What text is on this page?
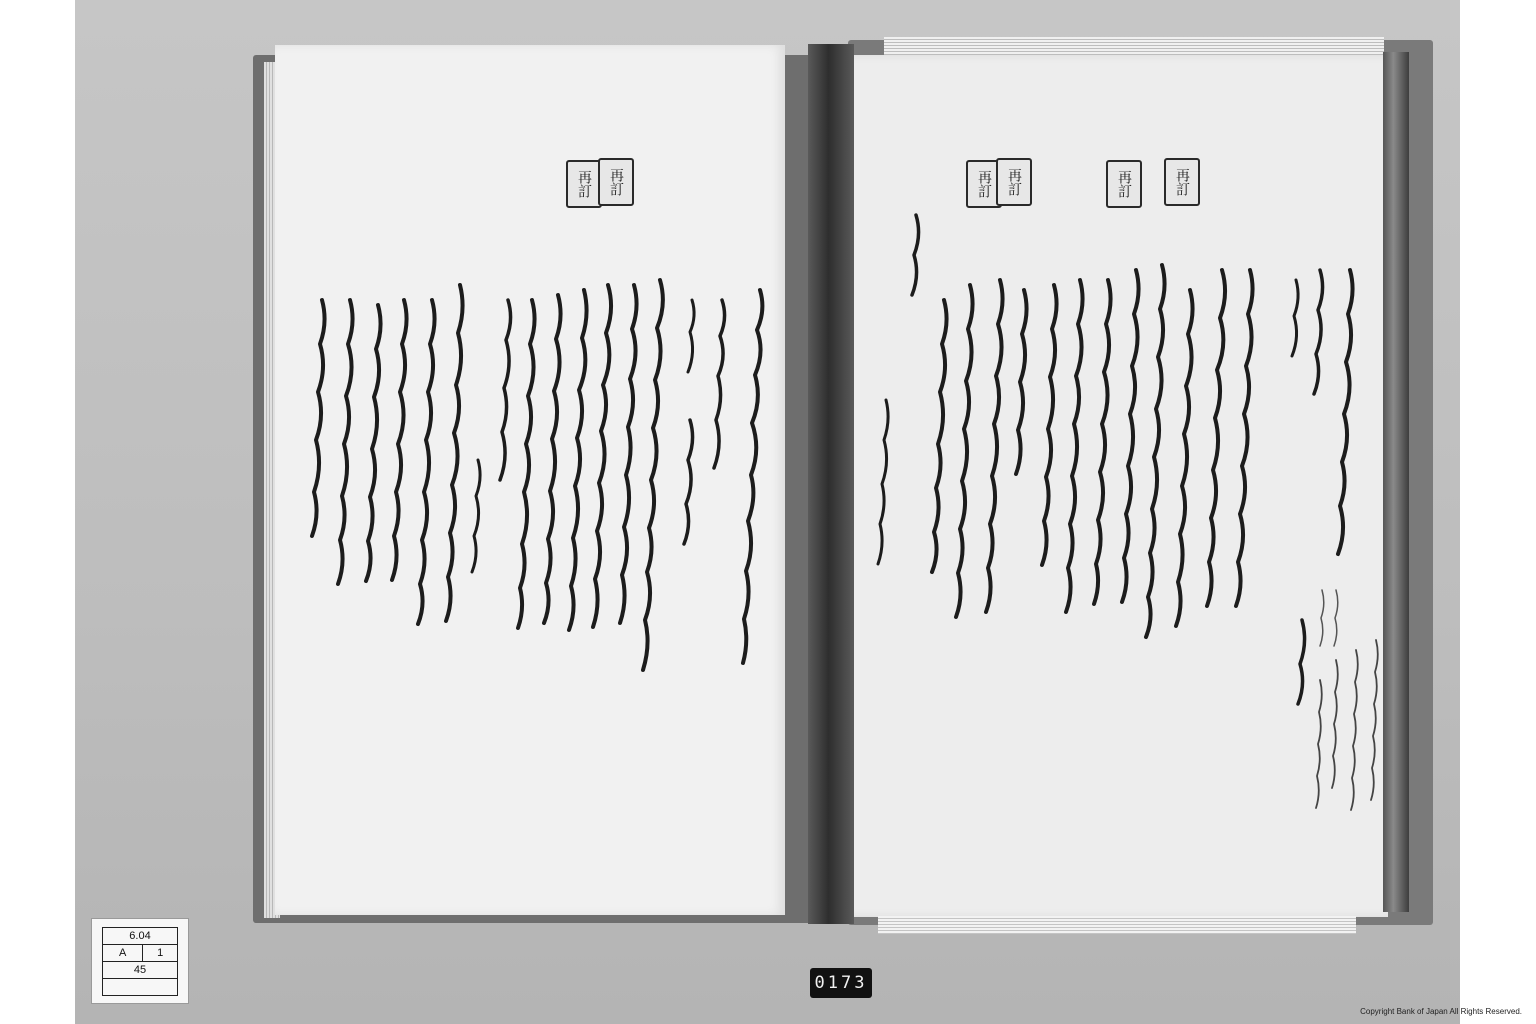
再
訂
再
訂
再
訂
再
訂
再
訂
再
訂
6.04
A	1
45

0173
Copyright Bank of Japan All Rights Reserved.
